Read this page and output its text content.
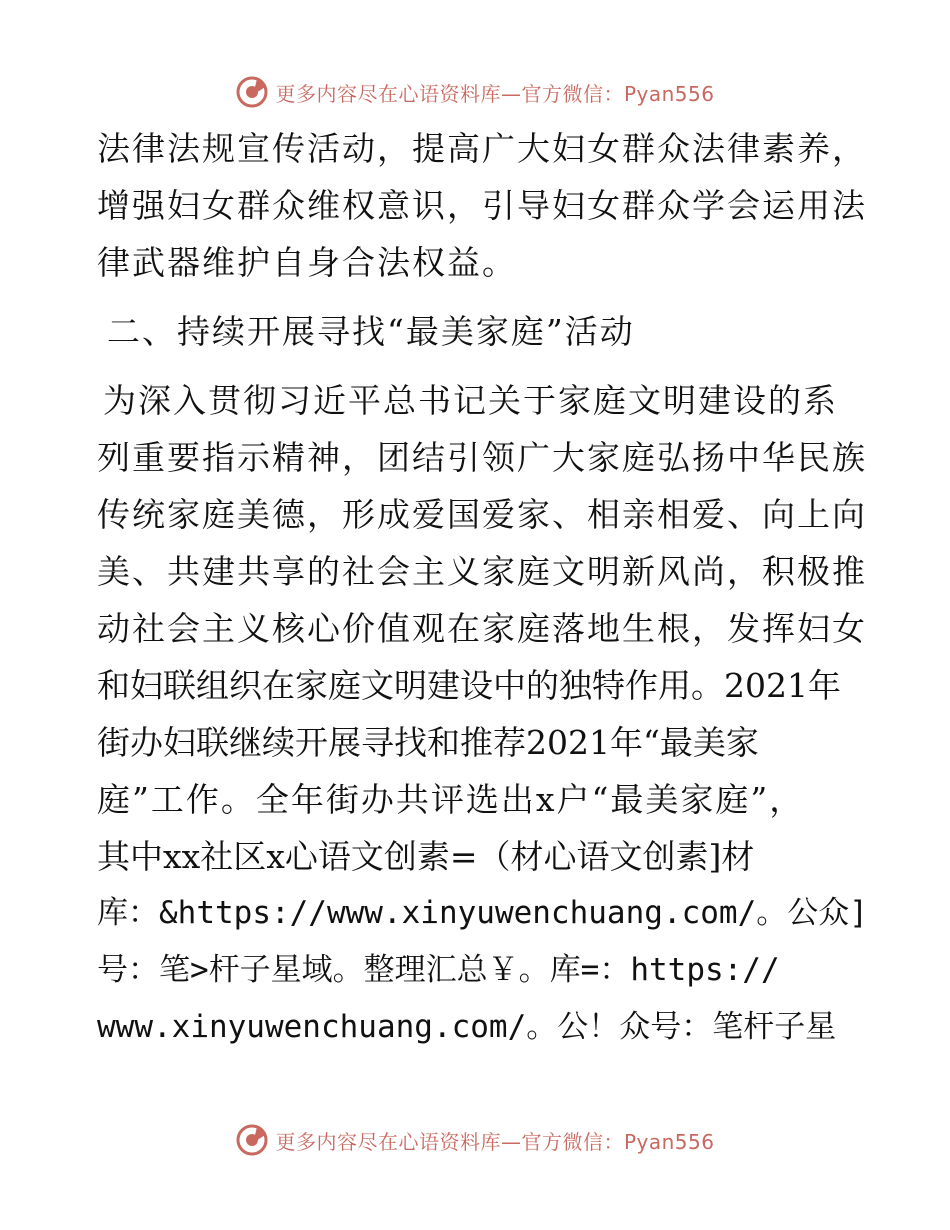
更多内容尽在心语资料库—官方微信：Pyan556
法律法规宣传活动，提高广大妇女群众法律素养，
增强妇女群众维权意识，引导妇女群众学会运用法
律武器维护自身合法权益。
二、持续开展寻找“最美家庭”活动
为深入贯彻习近平总书记关于家庭文明建设的系
列重要指示精神，团结引领广大家庭弘扬中华民族
传统家庭美德，形成爱国爱家、相亲相爱、向上向
美、共建共享的社会主义家庭文明新风尚，积极推
动社会主义核心价值观在家庭落地生根，发挥妇女
和妇联组织在家庭文明建设中的独特作用。2021年
街办妇联继续开展寻找和推荐2021年“最美家
庭”工作。全年街办共评选出x户“最美家庭”，
其中xx社区x心语文创素=（材心语文创素]材
库：&https://www.xinyuwenchuang.com/。公众]
号：笔>杆子星域。整理汇总￥。库=：https://
www.xinyuwenchuang.com/。公！众号：笔杆子星
更多内容尽在心语资料库—官方微信：Pyan556
